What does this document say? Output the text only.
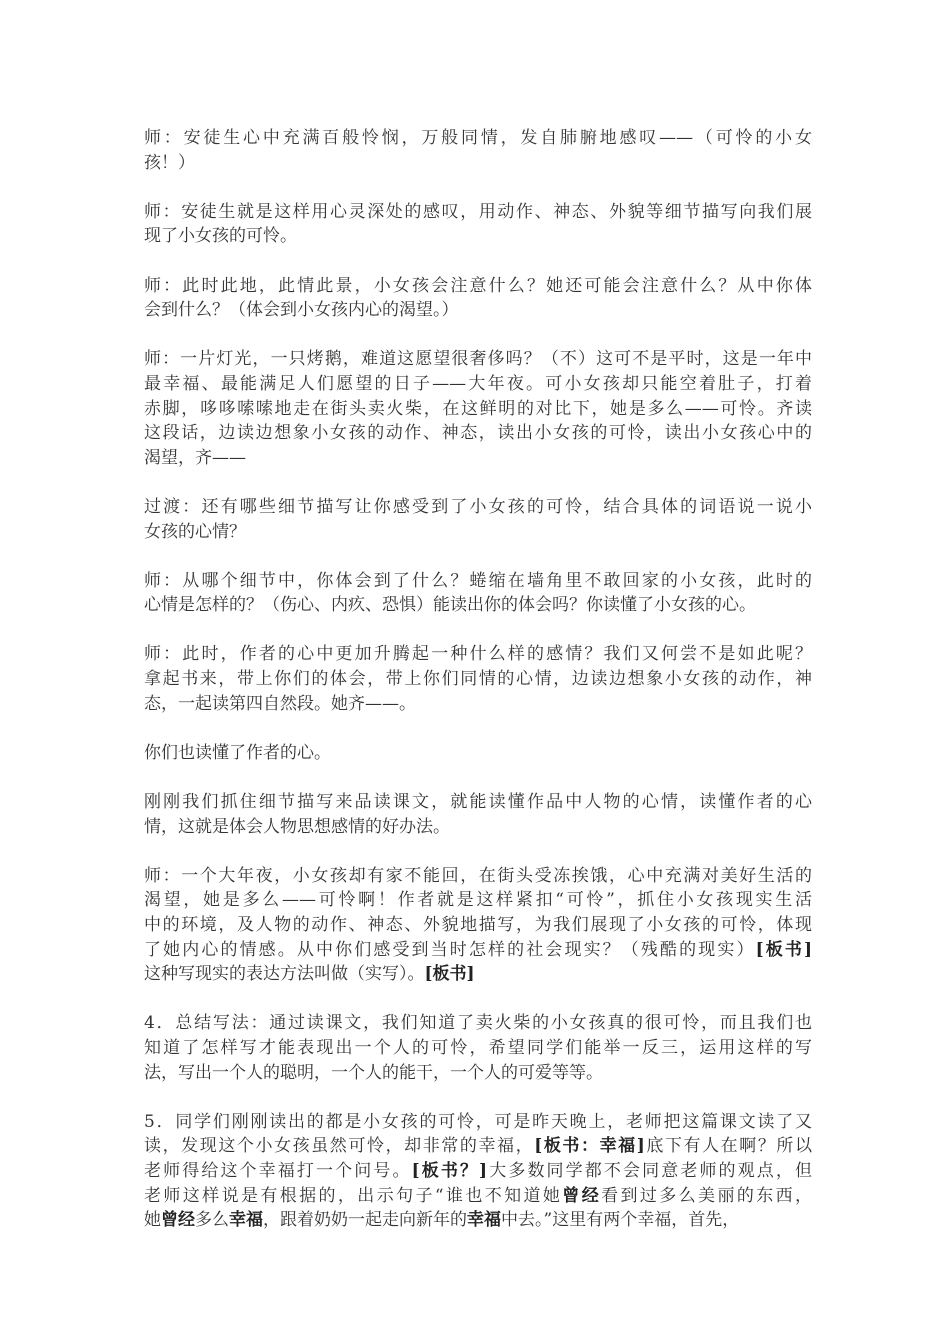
师：安徒生心中充满百般怜悯，万般同情，发自肺腑地感叹——（可怜的小女
孩！）
师：安徒生就是这样用心灵深处的感叹，用动作、神态、外貌等细节描写向我们展
现了小女孩的可怜。
师：此时此地，此情此景，小女孩会注意什么？她还可能会注意什么？从中你体
会到什么？（体会到小女孩内心的渴望。）
师：一片灯光，一只烤鹅，难道这愿望很奢侈吗？（不）这可不是平时，这是一年中
最幸福、最能满足人们愿望的日子——大年夜。可小女孩却只能空着肚子，打着
赤脚，哆哆嗦嗦地走在街头卖火柴，在这鲜明的对比下，她是多么——可怜。齐读
这段话，边读边想象小女孩的动作、神态，读出小女孩的可怜，读出小女孩心中的
渴望，齐——
过渡：还有哪些细节描写让你感受到了小女孩的可怜，结合具体的词语说一说小
女孩的心情？
师：从哪个细节中，你体会到了什么？蜷缩在墙角里不敢回家的小女孩，此时的
心情是怎样的？（伤心、内疚、恐惧）能读出你的体会吗？你读懂了小女孩的心。
师：此时，作者的心中更加升腾起一种什么样的感情？我们又何尝不是如此呢？
拿起书来，带上你们的体会，带上你们同情的心情，边读边想象小女孩的动作，神
态，一起读第四自然段。她齐——。
你们也读懂了作者的心。
刚刚我们抓住细节描写来品读课文，就能读懂作品中人物的心情，读懂作者的心
情，这就是体会人物思想感情的好办法。
师：一个大年夜，小女孩却有家不能回，在街头受冻挨饿，心中充满对美好生活的
渴望，她是多么——可怜啊！作者就是这样紧扣“可怜”，抓住小女孩现实生活
中的环境，及人物的动作、神态、外貌地描写，为我们展现了小女孩的可怜，体现
了她内心的情感。从中你们感受到当时怎样的社会现实？（残酷的现实）[板书]
这种写现实的表达方法叫做（实写）。[板书]
4．总结写法：通过读课文，我们知道了卖火柴的小女孩真的很可怜，而且我们也
知道了怎样写才能表现出一个人的可怜，希望同学们能举一反三，运用这样的写
法，写出一个人的聪明，一个人的能干，一个人的可爱等等。
5．同学们刚刚读出的都是小女孩的可怜，可是昨天晚上，老师把这篇课文读了又
读，发现这个小女孩虽然可怜，却非常的幸福，[板书：幸福]底下有人在啊？所以
老师得给这个幸福打一个问号。[板书？]大多数同学都不会同意老师的观点，但
老师这样说是有根据的，出示句子“谁也不知道她曾经看到过多么美丽的东西，
她曾经多么幸福，跟着奶奶一起走向新年的幸福中去。”这里有两个幸福，首先，
